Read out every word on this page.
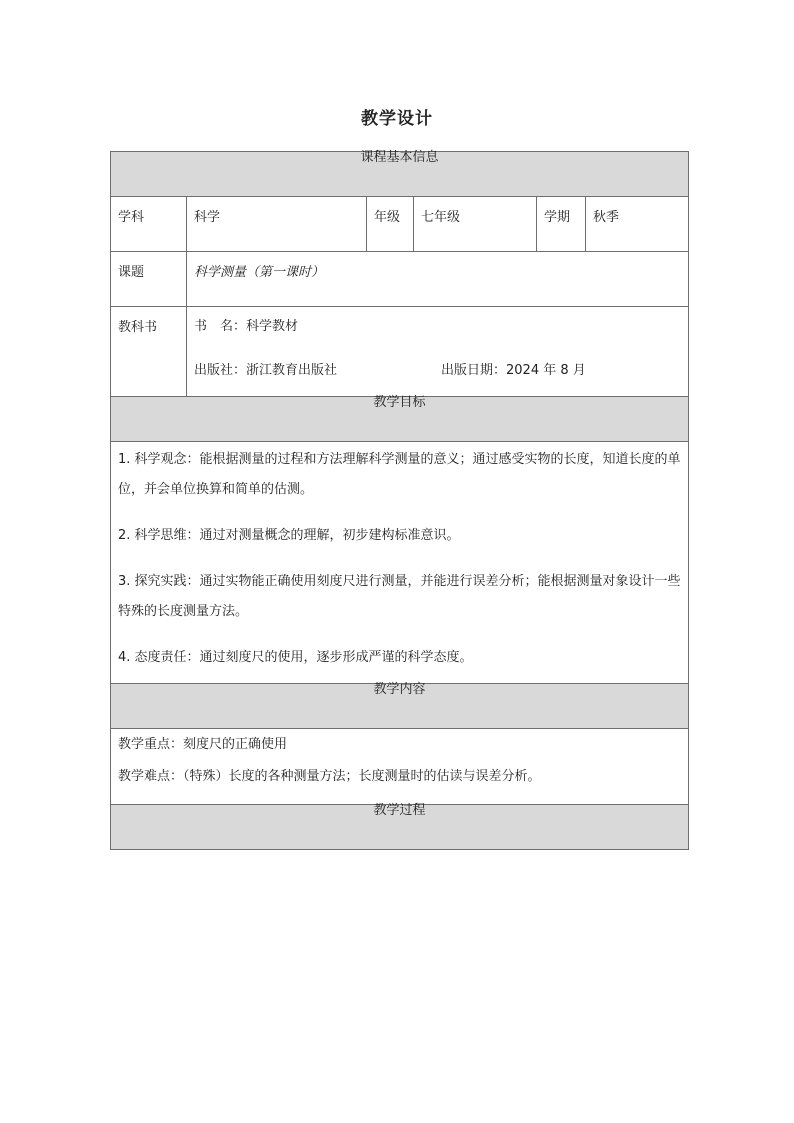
教学设计
课程基本信息					
学科	科学	年级	七年级	学期	秋季
课题	科学测量（第一课时）				
教科书	书　名：科学教材

出版社：浙江教育出版社 出版日期：2024 年 8 月				

教学目标					

1. 科学观念：能根据测量的过程和方法理解科学测量的意义；通过感受实物的长度，知道长度的单位，并会单位换算和简单的估测。

2. 科学思维：通过对测量概念的理解，初步建构标准意识。

3. 探究实践：通过实物能正确使用刻度尺进行测量，并能进行误差分析；能根据测量对象设计一些特殊的长度测量方法。

4. 态度责任：通过刻度尺的使用，逐步形成严谨的科学态度。					

教学内容					

教学重点：刻度尺的正确使用

教学难点：（特殊）长度的各种测量方法；长度测量时的估读与误差分析。					

教学过程					
